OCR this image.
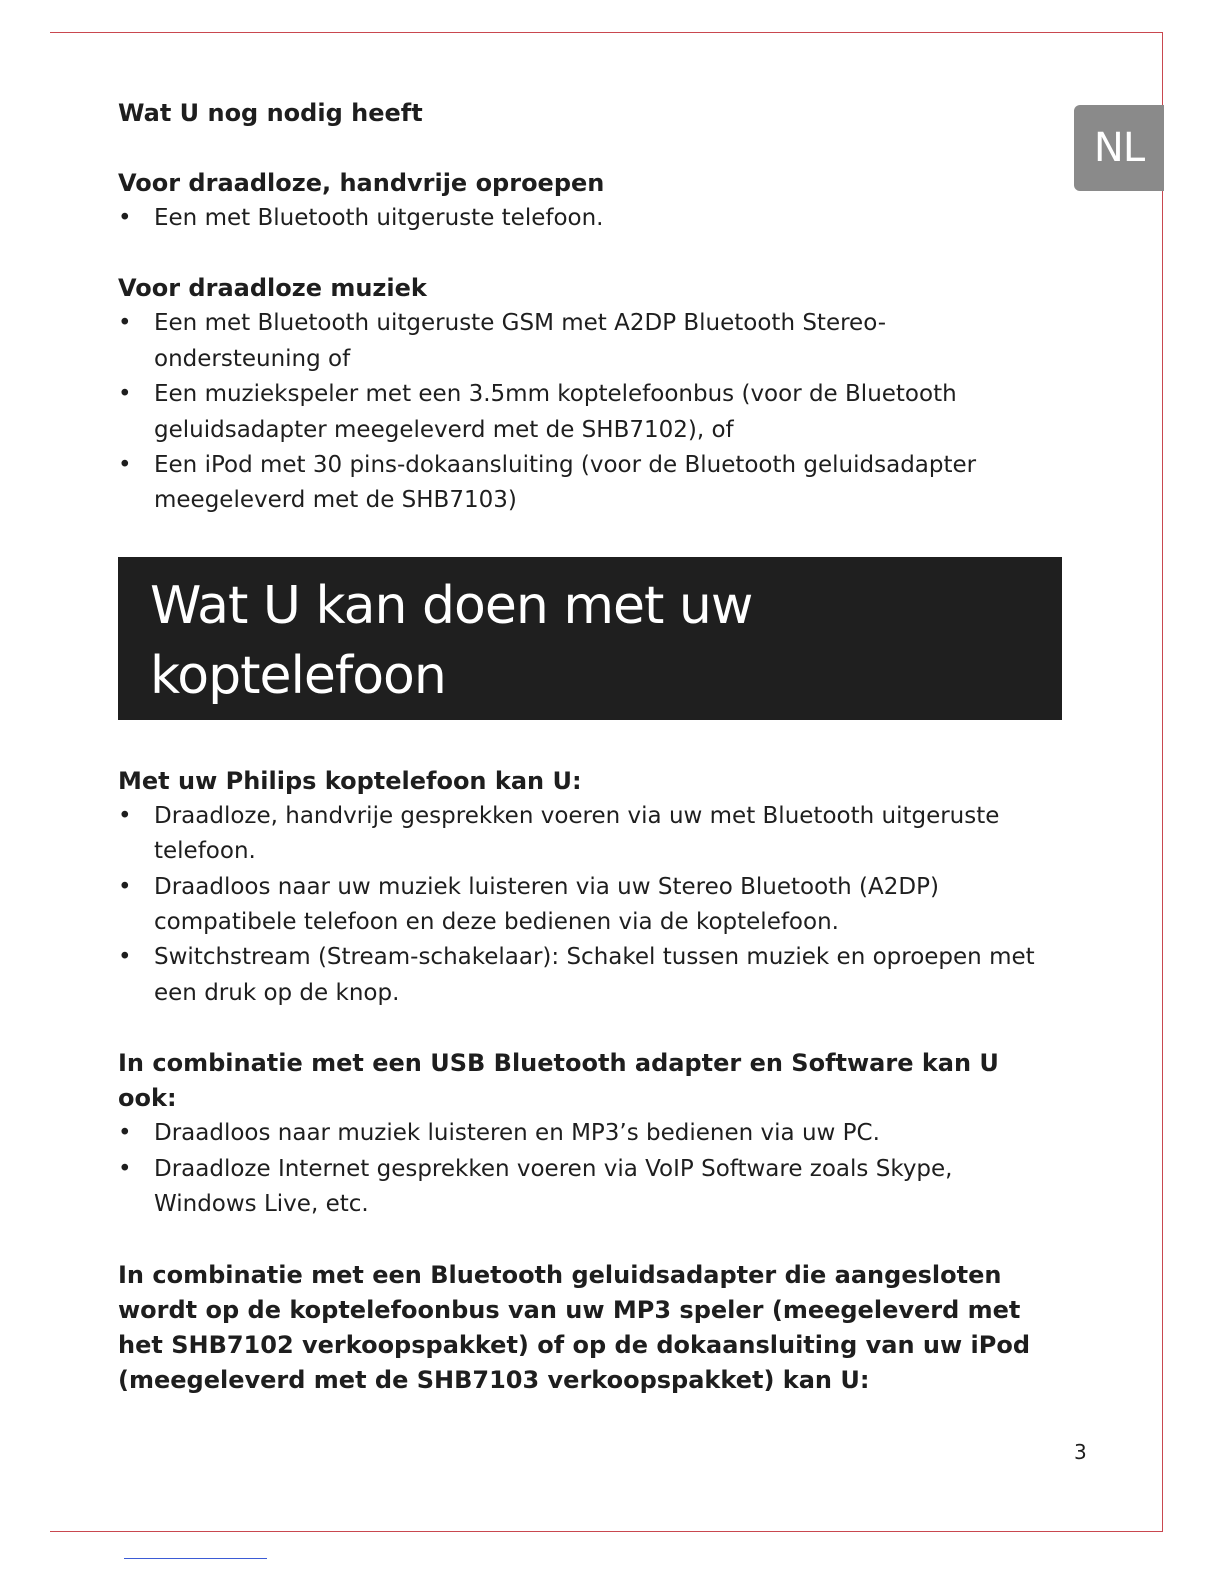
NL

Wat U nog nodig heeft

Voor draadloze, handvrije oproepen

• Een met Bluetooth uitgeruste telefoon.

Voor draadloze muziek

• Een met Bluetooth uitgeruste GSM met A2DP Bluetooth Stereo-ondersteuning of
• Een muziekspeler met een 3.5mm koptelefoonbus (voor de Bluetooth geluidsadapter meegeleverd met de SHB7102), of
• Een iPod met 30 pins-dokaansluiting (voor de Bluetooth geluidsadapter meegeleverd met de SHB7103)
Wat U kan doen met uw
koptelefoon

Met uw Philips koptelefoon kan U:

• Draadloze, handvrije gesprekken voeren via uw met Bluetooth uitgeruste telefoon.
• Draadloos naar uw muziek luisteren via uw Stereo Bluetooth (A2DP) compatibele telefoon en deze bedienen via de koptelefoon.
• Switchstream (Stream-schakelaar): Schakel tussen muziek en oproepen met een druk op de knop.

In combinatie met een USB Bluetooth adapter en Software kan U ook:

• Draadloos naar muziek luisteren en MP3’s bedienen via uw PC.
• Draadloze Internet gesprekken voeren via VoIP Software zoals Skype, Windows Live, etc.

In combinatie met een Bluetooth geluidsadapter die aangesloten wordt op de koptelefoonbus van uw MP3 speler (meegeleverd met het SHB7102 verkoopspakket) of op de dokaansluiting van uw iPod (meegeleverd met de SHB7103 verkoopspakket) kan U:

3
